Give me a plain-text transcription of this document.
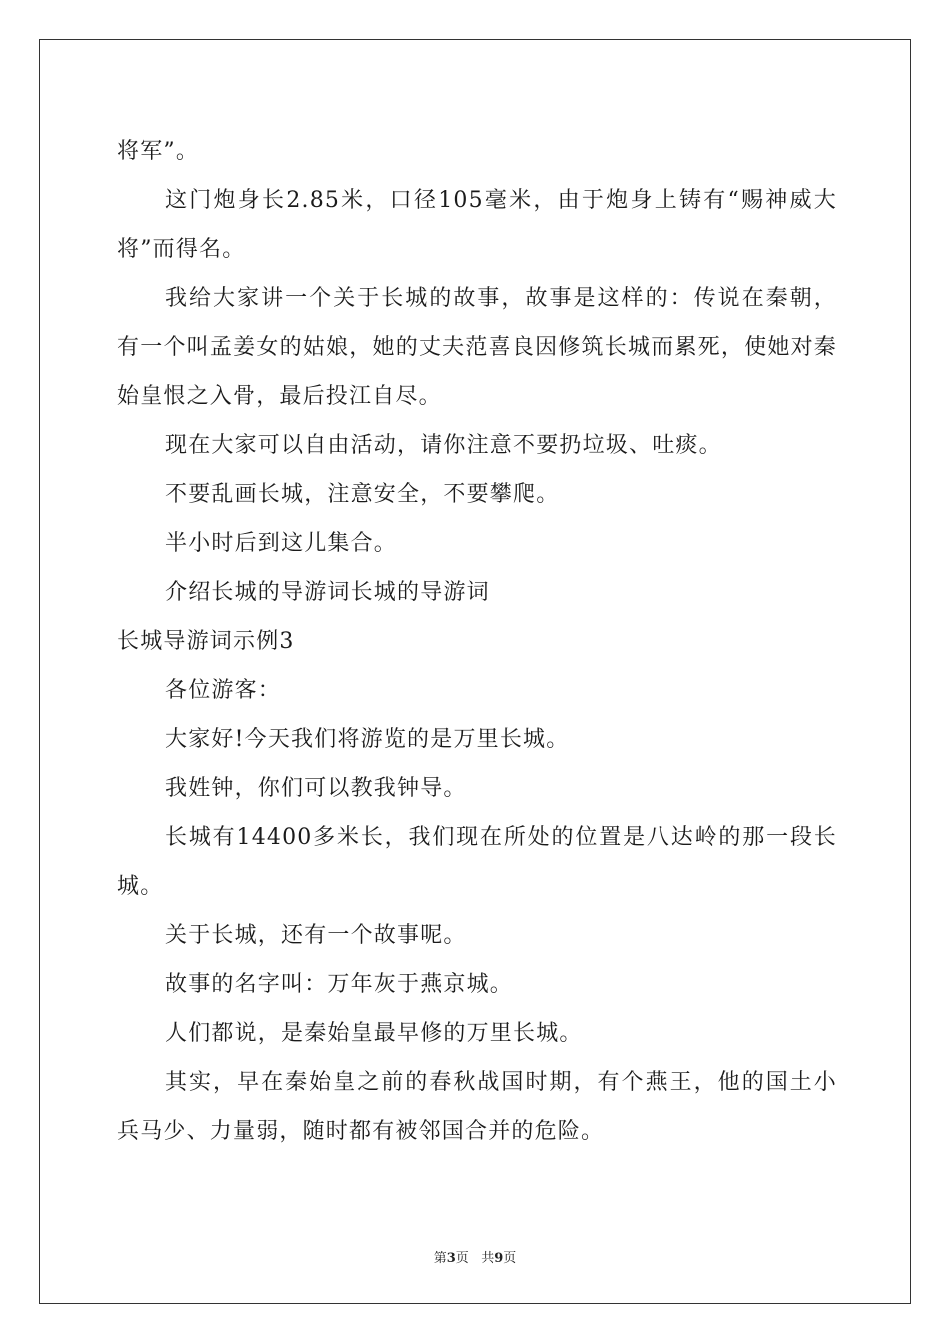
将军”。

这门炮身长2.85米，口径105毫米，由于炮身上铸有“赐神威大将”而得名。

我给大家讲一个关于长城的故事，故事是这样的：传说在秦朝，有一个叫孟姜女的姑娘，她的丈夫范喜良因修筑长城而累死，使她对秦始皇恨之入骨，最后投江自尽。

现在大家可以自由活动，请你注意不要扔垃圾、吐痰。

不要乱画长城，注意安全，不要攀爬。

半小时后到这儿集合。

介绍长城的导游词长城的导游词

长城导游词示例3

各位游客：

大家好!今天我们将游览的是万里长城。

我姓钟，你们可以教我钟导。

长城有14400多米长，我们现在所处的位置是八达岭的那一段长城。

关于长城，还有一个故事呢。

故事的名字叫：万年灰于燕京城。

人们都说，是秦始皇最早修的万里长城。

其实，早在秦始皇之前的春秋战国时期，有个燕王，他的国土小兵马少、力量弱，随时都有被邻国合并的危险。

第3页 共9页
